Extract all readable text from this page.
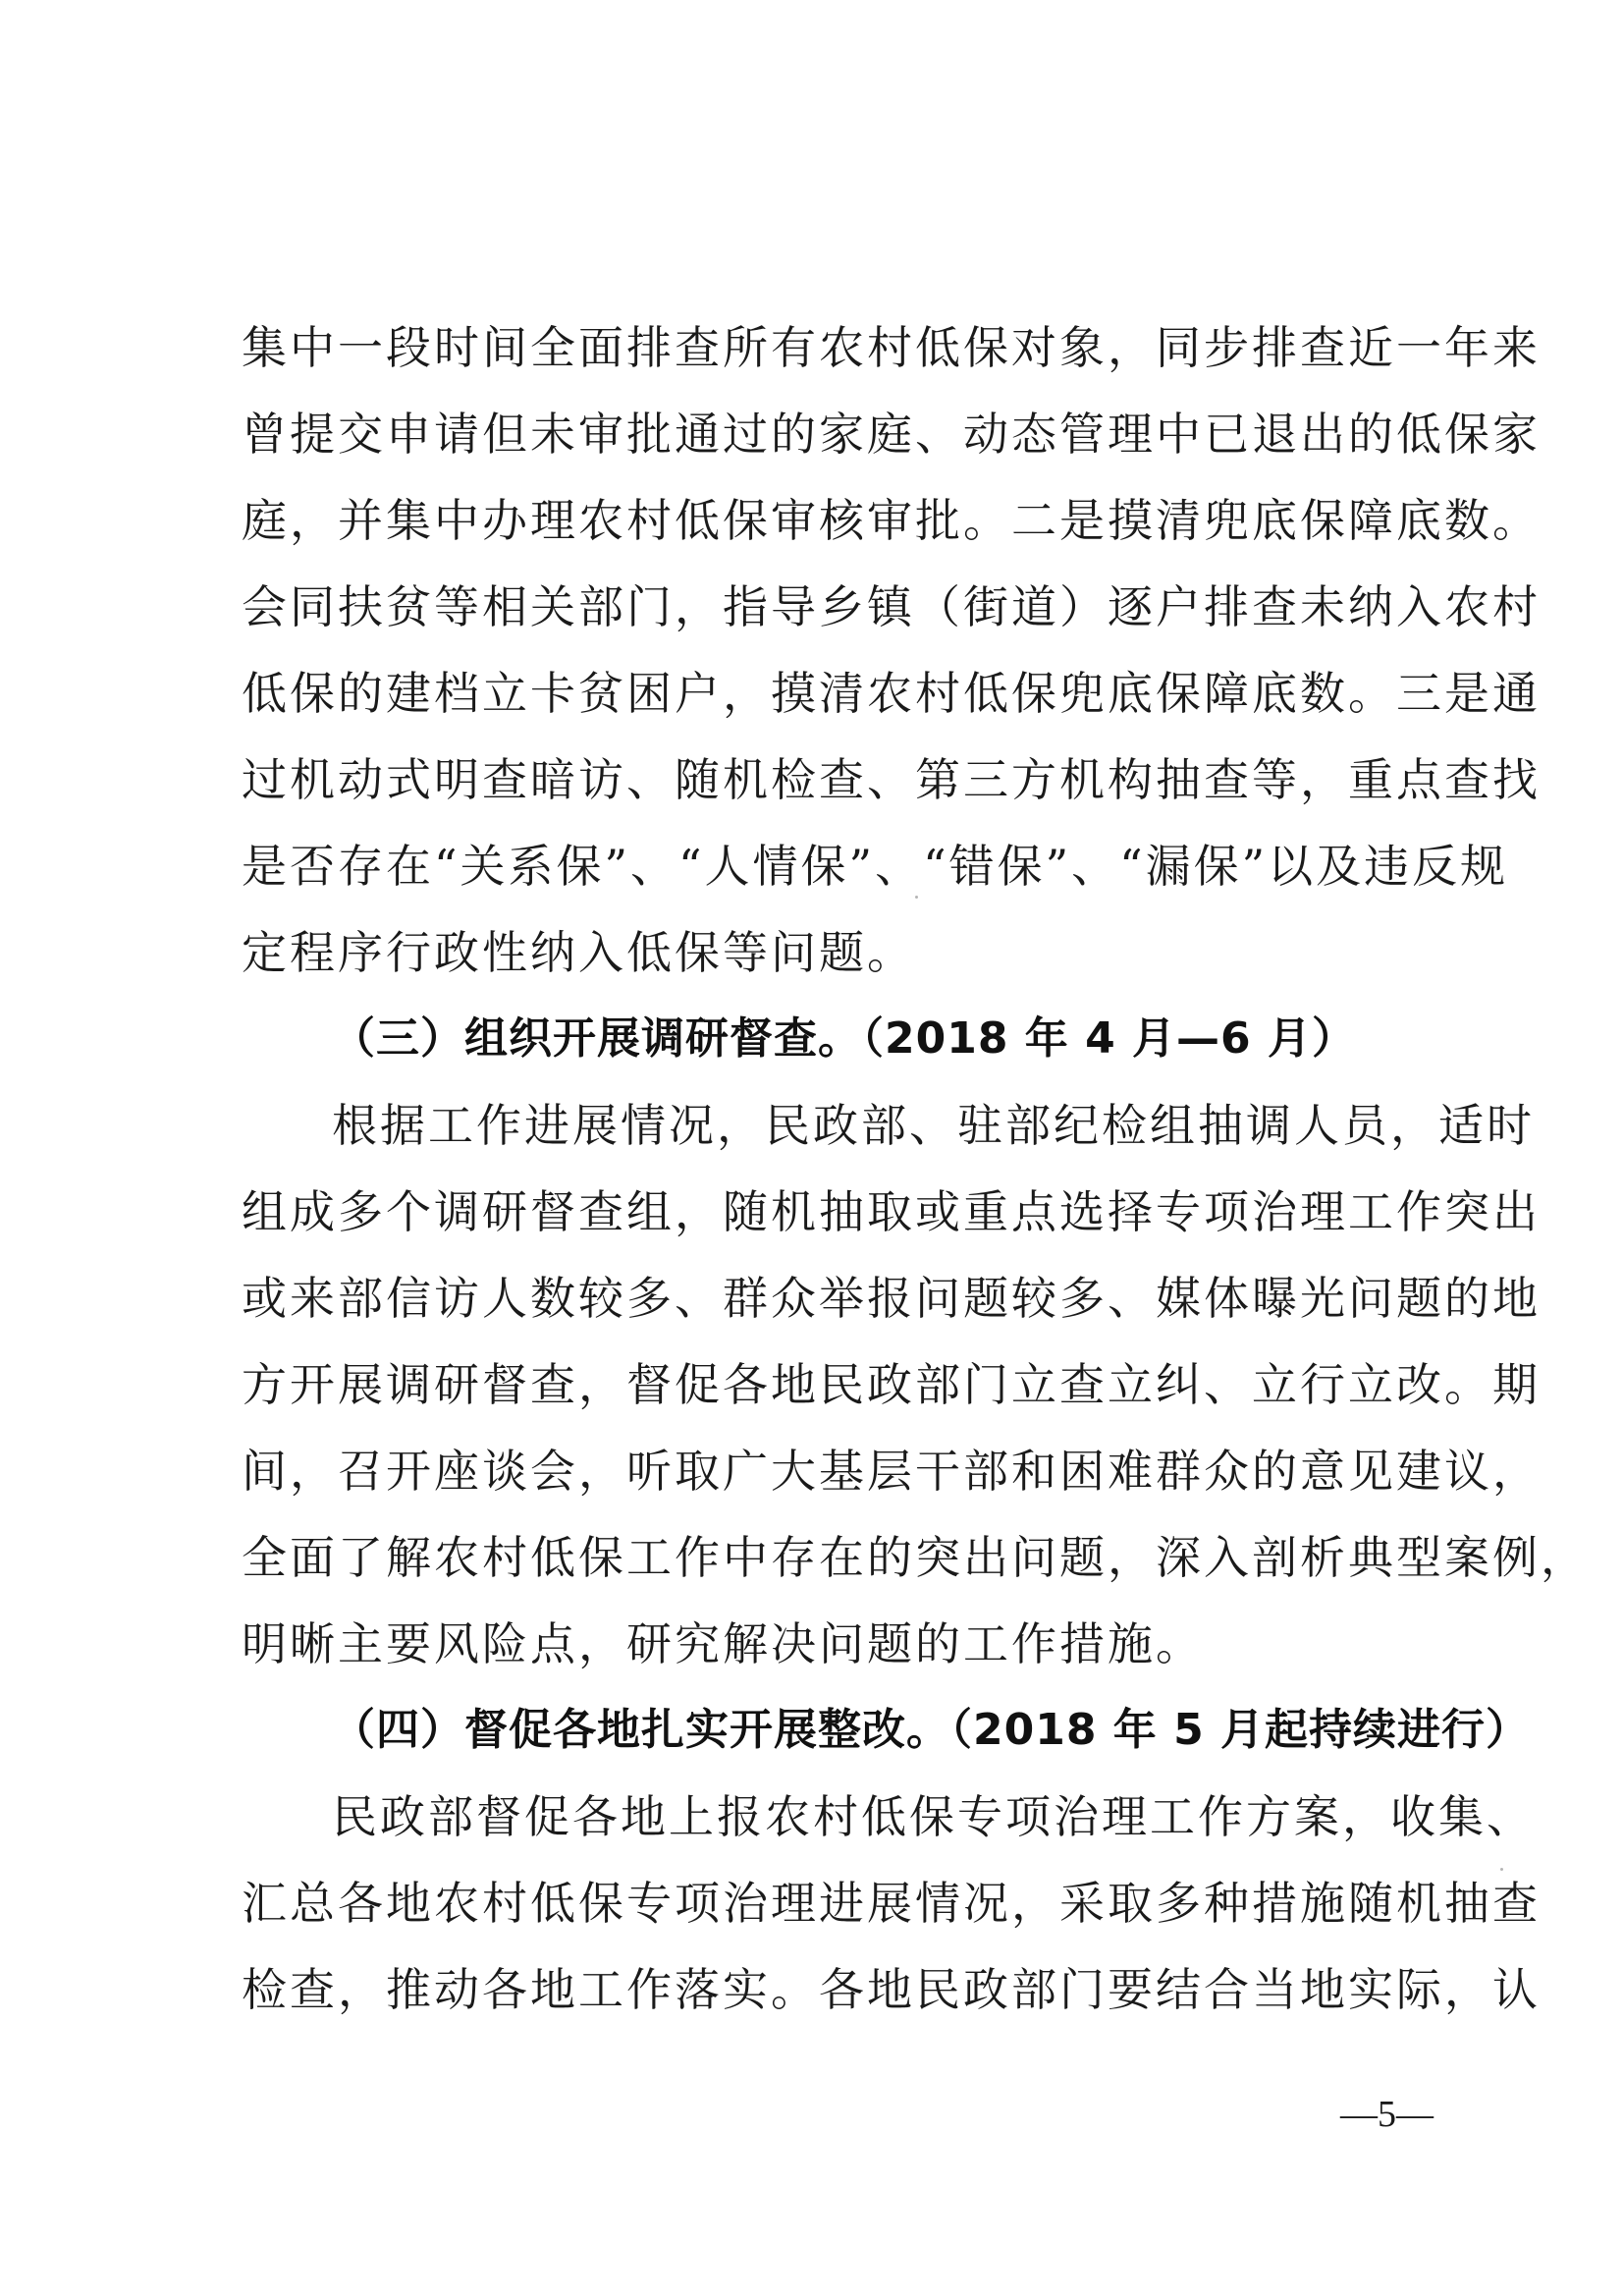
集中一段时间全面排查所有农村低保对象，同步排查近一年来
曾提交申请但未审批通过的家庭、动态管理中已退出的低保家
庭，并集中办理农村低保审核审批。二是摸清兜底保障底数。
会同扶贫等相关部门，指导乡镇（街道）逐户排查未纳入农村
低保的建档立卡贫困户，摸清农村低保兜底保障底数。三是通
过机动式明查暗访、随机检查、第三方机构抽查等，重点查找
是否存在“关系保”、“人情保”、“错保”、“漏保”以及违反规
定程序行政性纳入低保等问题。
（三）组织开展调研督查。（2018 年 4 月—6 月）
根据工作进展情况，民政部、驻部纪检组抽调人员，适时
组成多个调研督查组，随机抽取或重点选择专项治理工作突出
或来部信访人数较多、群众举报问题较多、媒体曝光问题的地
方开展调研督查，督促各地民政部门立查立纠、立行立改。期
间，召开座谈会，听取广大基层干部和困难群众的意见建议，
全面了解农村低保工作中存在的突出问题，深入剖析典型案例，
明晰主要风险点，研究解决问题的工作措施。
（四）督促各地扎实开展整改。（2018 年 5 月起持续进行）
民政部督促各地上报农村低保专项治理工作方案，收集、
汇总各地农村低保专项治理进展情况，采取多种措施随机抽查
检查，推动各地工作落实。各地民政部门要结合当地实际，认
—5—
